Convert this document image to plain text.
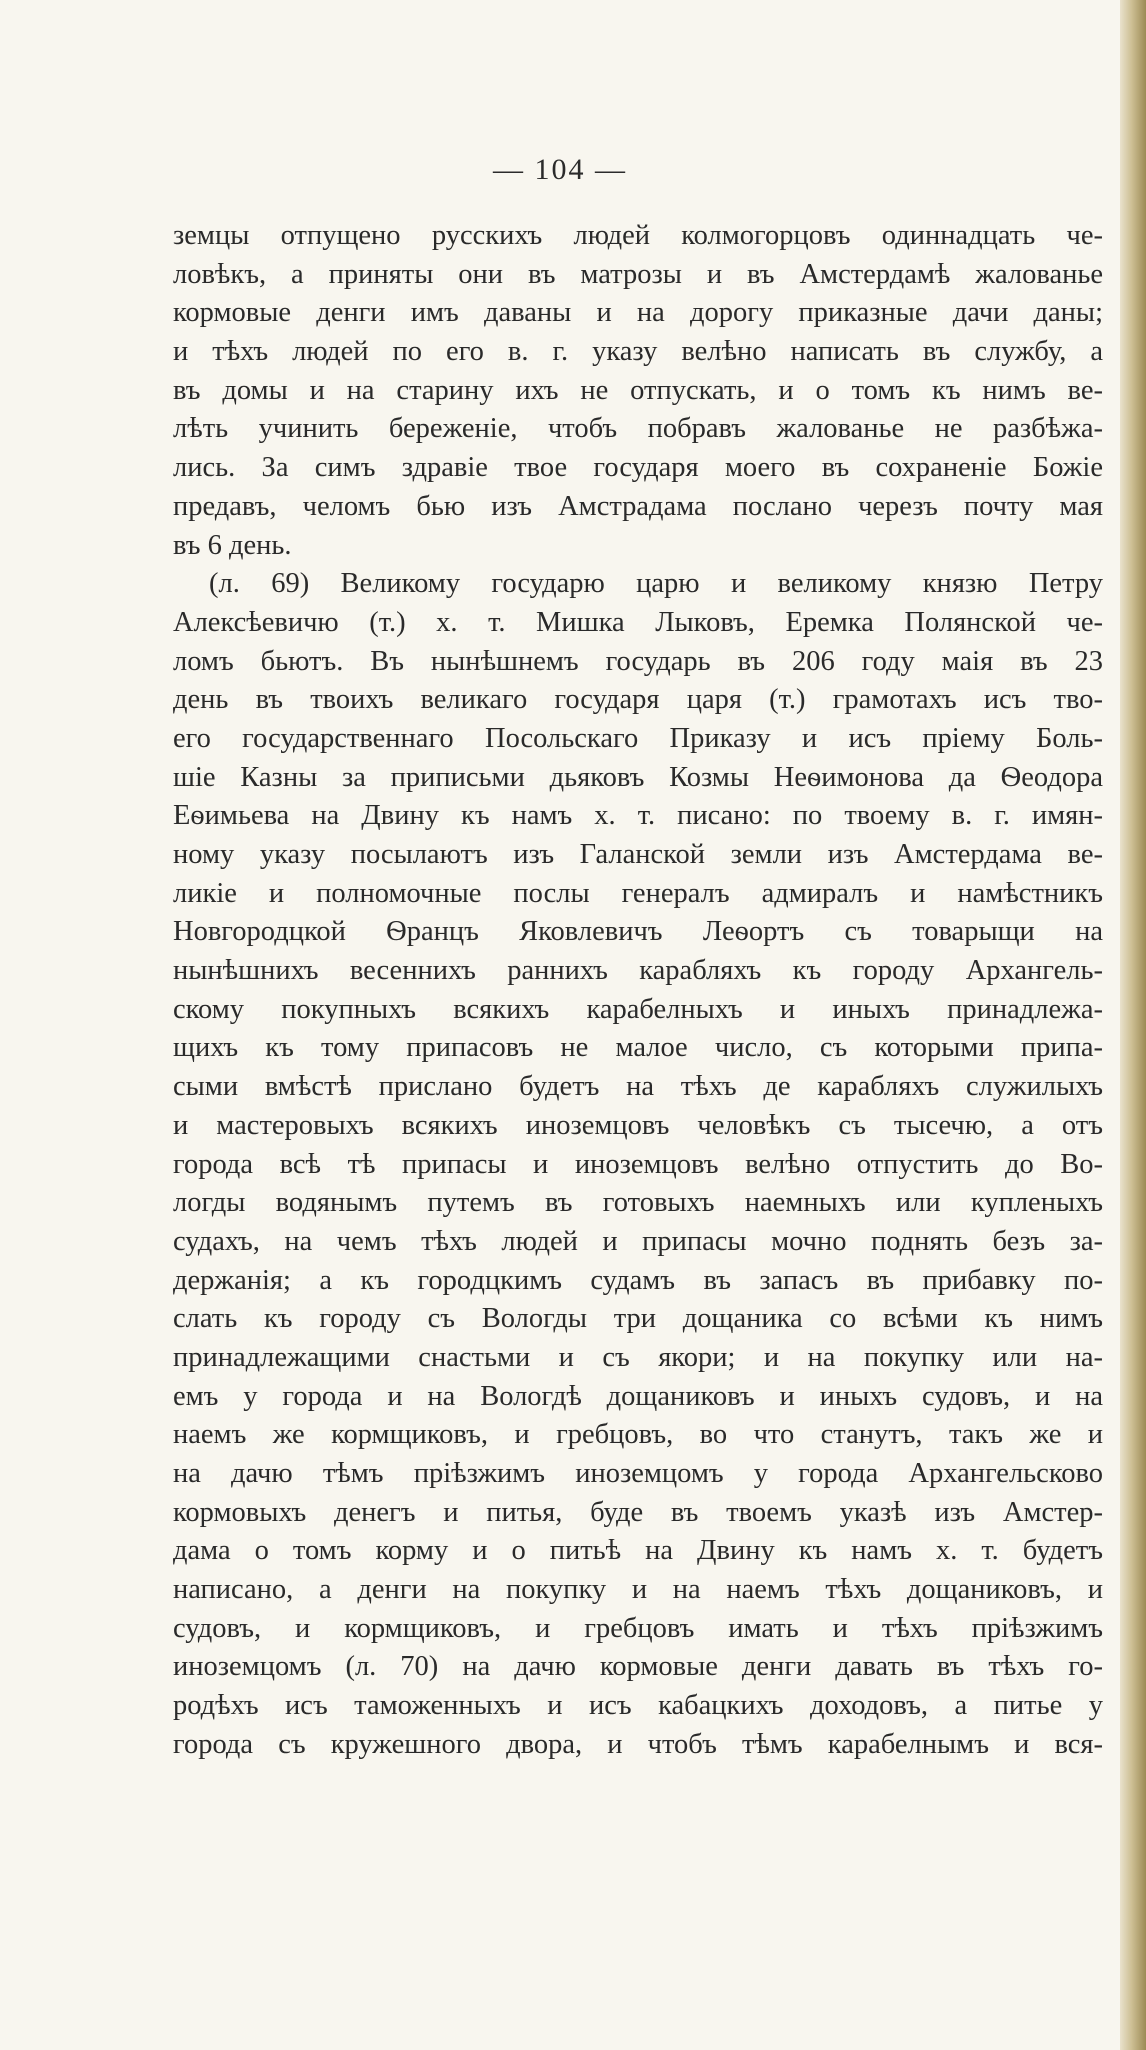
— 104 —
земцы отпущено русскихъ людей колмогорцовъ одиннадцать че-
ловѣкъ, а приняты они въ матрозы и въ Амстердамѣ жалованье
кормовые денги имъ даваны и на дорогу приказные дачи даны;
и тѣхъ людей по его в. г. указу велѣно написать въ службу, а
въ домы и на старину ихъ не отпускать, и о томъ къ нимъ ве-
лѣть учинить береженіе, чтобъ побравъ жалованье не разбѣжа-
лись. За симъ здравіе твое государя моего въ сохраненіе Божіе
предавъ, челомъ бью изъ Амстрадама послано черезъ почту мая
въ 6 день.
(л. 69) Великому государю царю и великому князю Петру
Алексѣевичю (т.) х. т. Мишка Лыковъ, Еремка Полянской че-
ломъ бьютъ. Въ нынѣшнемъ государь въ 206 году маія въ 23
день въ твоихъ великаго государя царя (т.) грамотахъ исъ тво-
его государственнаго Посольскаго Приказу и исъ пріему Боль-
шіе Казны за приписьми дьяковъ Козмы Неѳимонова да Ѳеодора
Еѳимьева на Двину къ намъ х. т. писано: по твоему в. г. имян-
ному указу посылаютъ изъ Галанской земли изъ Амстердама ве-
ликіе и полномочные послы генералъ адмиралъ и намѣстникъ
Новгородцкой Ѳранцъ Яковлевичъ Леѳортъ съ товарыщи на
нынѣшнихъ весеннихъ раннихъ карабляхъ къ городу Архангель-
скому покупныхъ всякихъ карабелныхъ и иныхъ принадлежа-
щихъ къ тому припасовъ не малое число, съ которыми припа-
сыми вмѣстѣ прислано будетъ на тѣхъ де карабляхъ служилыхъ
и мастеровыхъ всякихъ иноземцовъ человѣкъ съ тысечю, а отъ
города всѣ тѣ припасы и иноземцовъ велѣно отпустить до Во-
логды водянымъ путемъ въ готовыхъ наемныхъ или купленыхъ
судахъ, на чемъ тѣхъ людей и припасы мочно поднять безъ за-
держанія; а къ городцкимъ судамъ въ запасъ въ прибавку по-
слать къ городу съ Вологды три дощаника со всѣми къ нимъ
принадлежащими снастьми и съ якори; и на покупку или на-
емъ у города и на Вологдѣ дощаниковъ и иныхъ судовъ, и на
наемъ же кормщиковъ, и гребцовъ, во что станутъ, такъ же и
на дачю тѣмъ пріѣзжимъ иноземцомъ у города Архангельсково
кормовыхъ денегъ и питья, буде въ твоемъ указѣ изъ Амстер-
дама о томъ корму и о питьѣ на Двину къ намъ х. т. будетъ
написано, а денги на покупку и на наемъ тѣхъ дощаниковъ, и
судовъ, и кормщиковъ, и гребцовъ имать и тѣхъ пріѣзжимъ
иноземцомъ (л. 70) на дачю кормовые денги давать въ тѣхъ го-
родѣхъ исъ таможенныхъ и исъ кабацкихъ доходовъ, а питье у
города съ кружешного двора, и чтобъ тѣмъ карабелнымъ и вся-
